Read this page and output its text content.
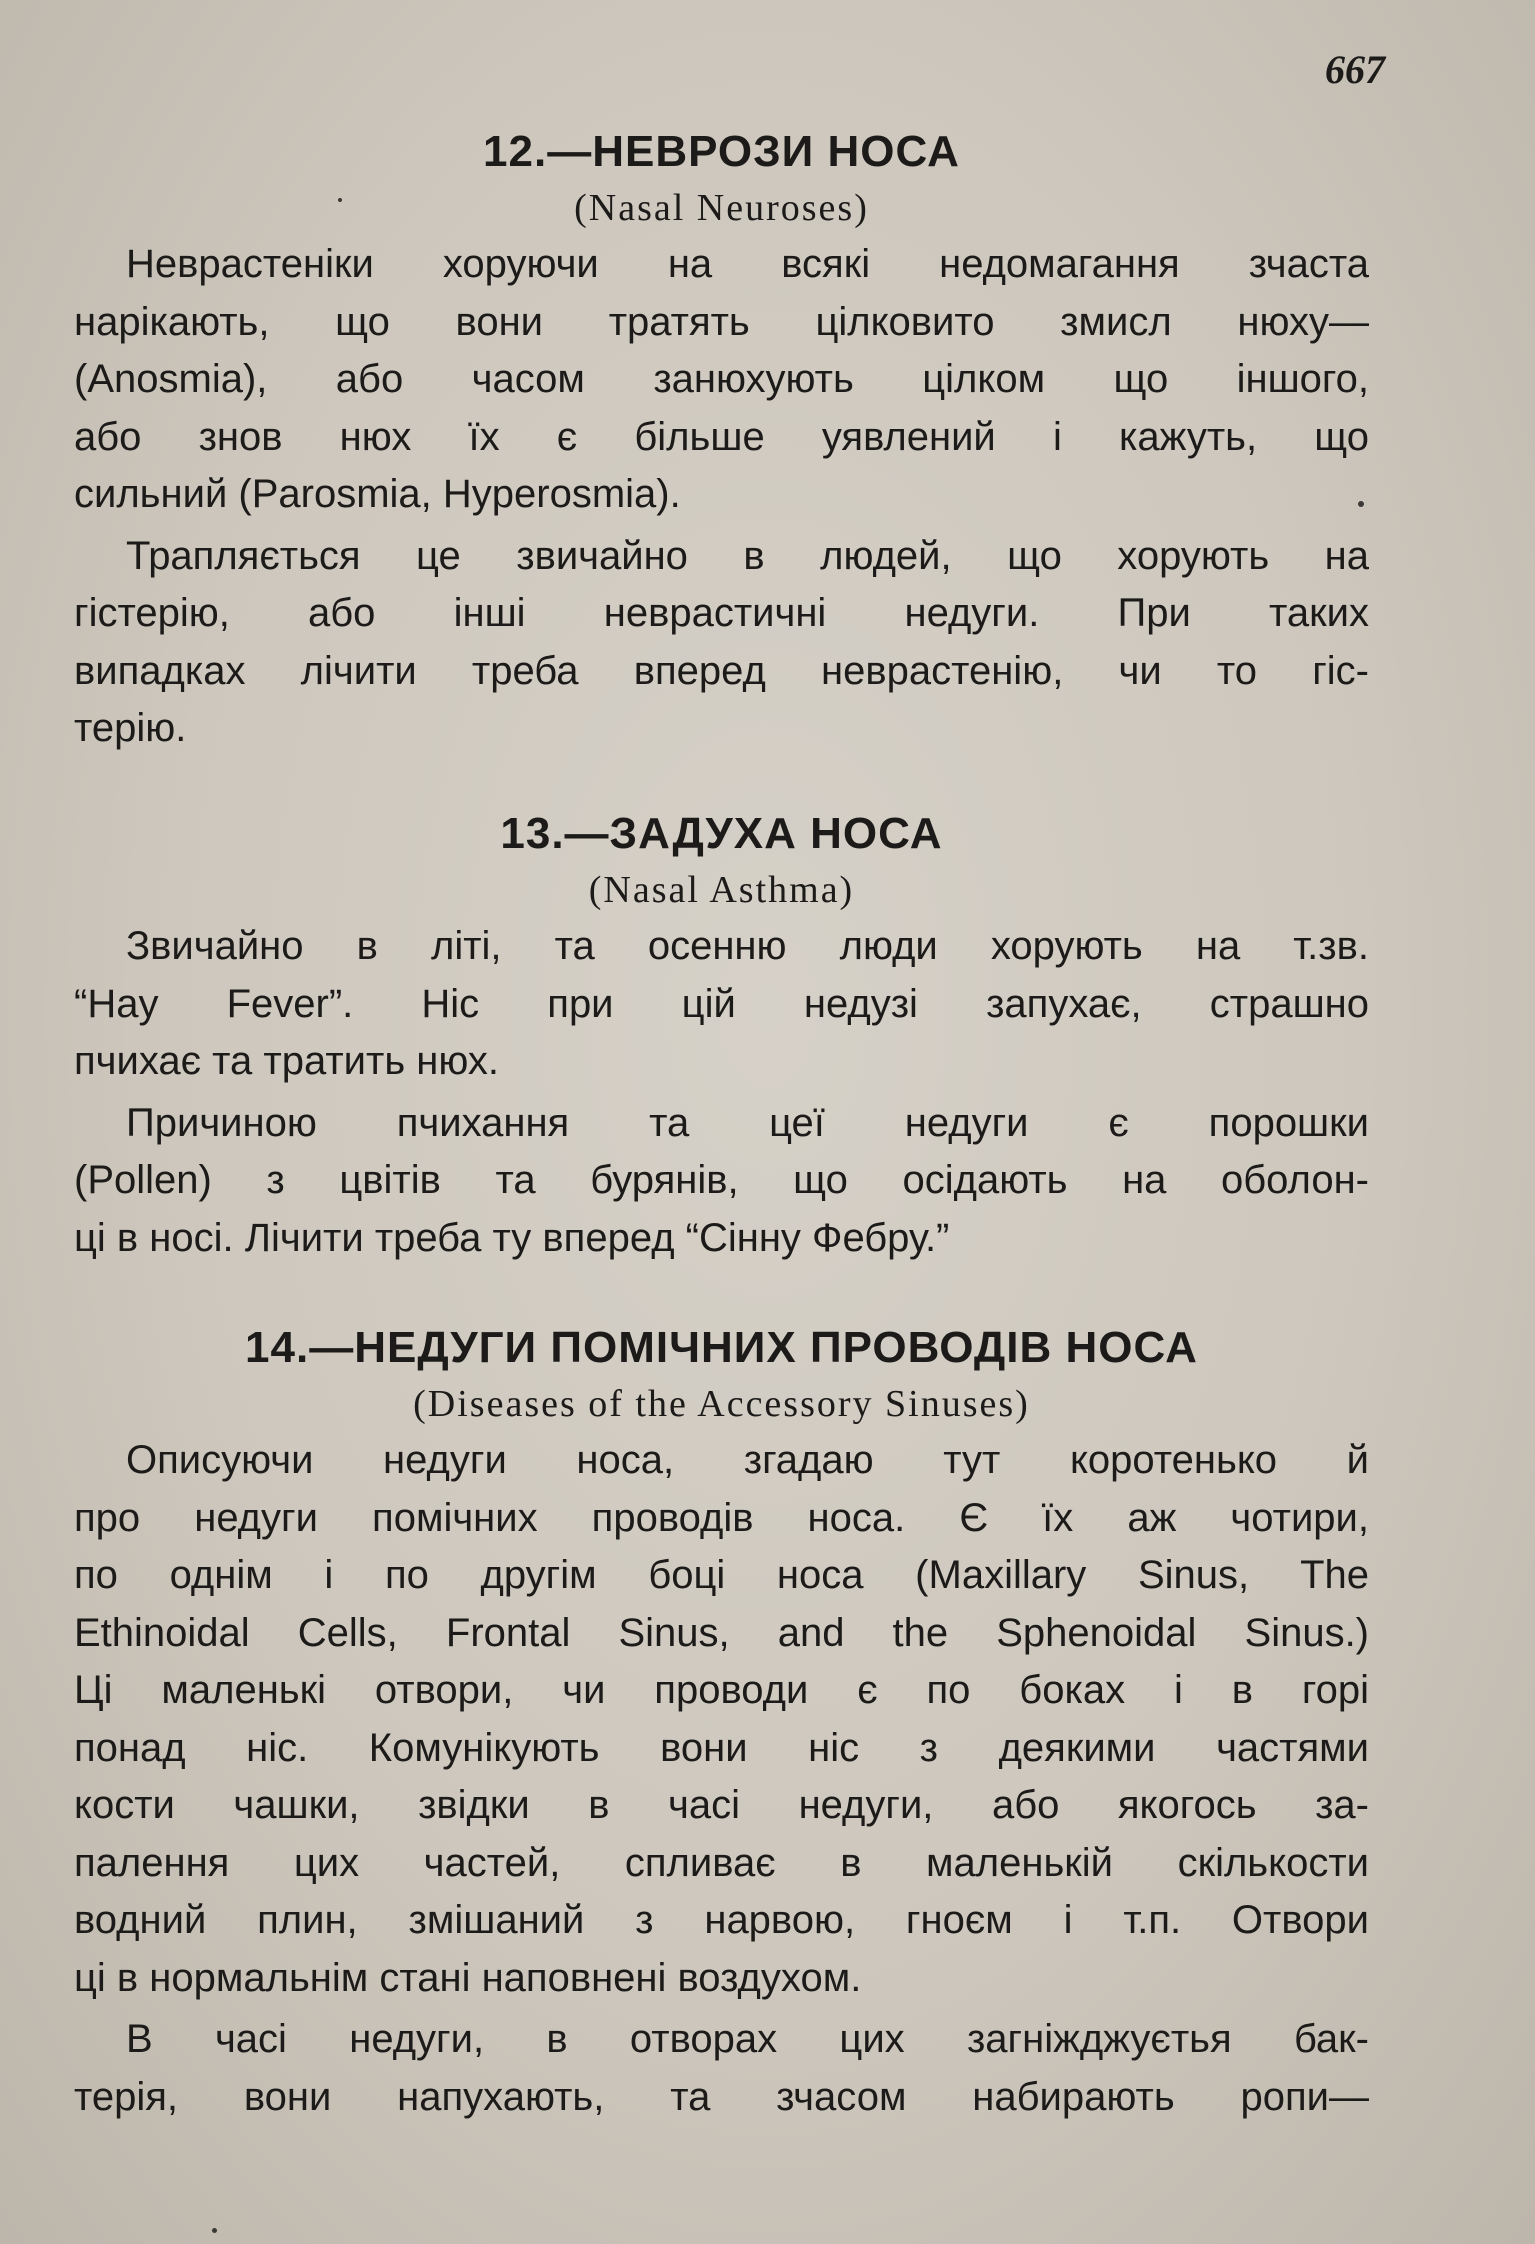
667
12.—НЕВРОЗИ НОСА
(Nasal Neuroses)
Неврастеніки хоруючи на всякі недомагання зчаста
нарікають, що вони тратять цілковито змисл нюху—
(Anosmia), або часом занюхують цілком що іншого,
або знов нюх їх є більше уявлений і кажуть, що
сильний (Parosmia, Hyperosmia).
Трапляється це звичайно в людей, що хорують на
гістерію, або інші неврастичні недуги. При таких
випадках лічити треба вперед неврастенію, чи то гіс-
терію.
13.—ЗАДУХА НОСА
(Nasal Asthma)
Звичайно в літі, та осенню люди хорують на т.зв.
“Hay Fever”. Ніс при цій недузі запухає, страшно
пчихає та тратить нюх.
Причиною пчихання та цеї недуги є порошки
(Pollen) з цвітів та бурянів, що осідають на оболон-
ці в носі. Лічити треба ту вперед “Сінну Фебру.”
14.—НЕДУГИ ПОМІЧНИХ ПРОВОДІВ НОСА
(Diseases of the Accessory Sinuses)
Описуючи недуги носа, згадаю тут коротенько й
про недуги помічних проводів носа. Є їх аж чотири,
по однім і по другім боці носа (Maxillary Sinus, The
Ethinoidal Cells, Frontal Sinus, and the Sphenoidal Sinus.)
Ці маленькі отвори, чи проводи є по боках і в горі
понад ніс. Комунікують вони ніс з деякими частями
кости чашки, звідки в часі недуги, або якогось за-
палення цих частей, спливає в маленькій скількости
водний плин, змішаний з нарвою, гноєм і т.п. Отвори
ці в нормальнім стані наповнені воздухом.
В часі недуги, в отворах цих загніжджуєтья бак-
терія, вони напухають, та зчасом набирають ропи—
